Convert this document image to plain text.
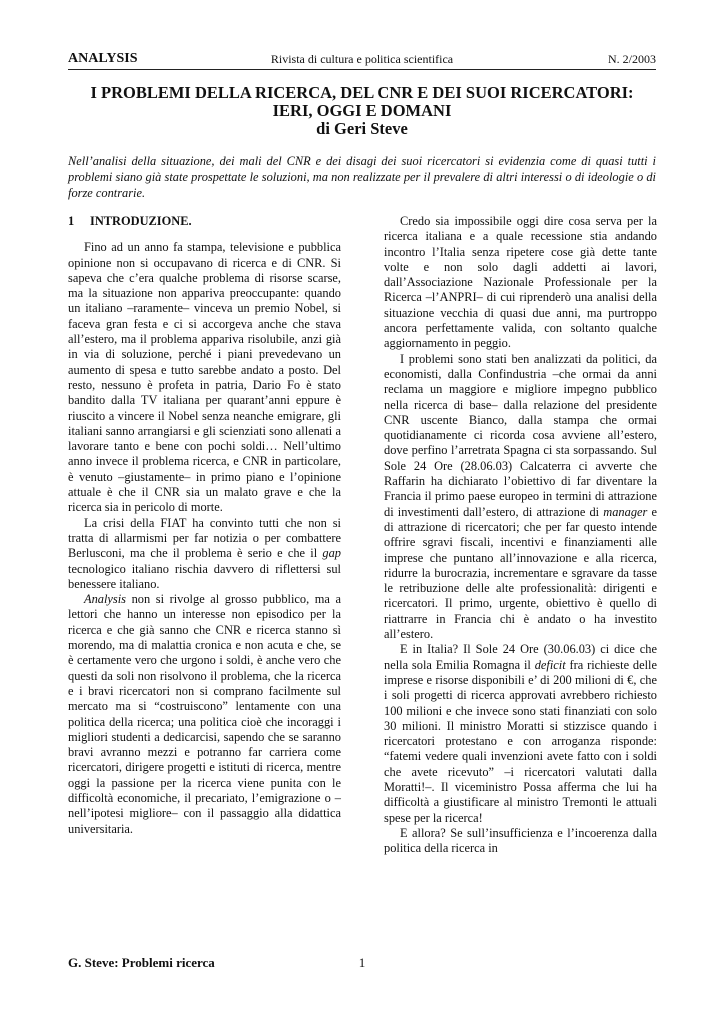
ANALYSIS	Rivista di cultura e politica scientifica	N. 2/2003
I PROBLEMI DELLA RICERCA, DEL CNR E DEI SUOI RICERCATORI:
IERI, OGGI E DOMANI
di Geri Steve
Nell’analisi della situazione, dei mali del CNR e dei disagi dei suoi ricercatori si evidenzia come di quasi tutti i problemi siano già state prospettate le soluzioni, ma non realizzate per il prevalere di altri interessi o di ideologie o di forze contrarie.
1 INTRODUZIONE.

Fino ad un anno fa stampa, televisione e pubblica opinione non si occupavano di ricerca e di CNR. Si sapeva che c’era qualche problema di risorse scarse, ma la situazione non appariva preoccupante: quando un italiano –raramente– vinceva un premio Nobel, si faceva gran festa e ci si accorgeva anche che stava all’estero, ma il problema appariva risolubile, anzi già in via di soluzione, perché i piani prevedevano un aumento di spesa e tutto sarebbe andato a posto. Del resto, nessuno è profeta in patria, Dario Fo è stato bandito dalla TV italiana per quarant’anni eppure è riuscito a vincere il Nobel senza neanche emigrare, gli italiani sanno arrangiarsi e gli scienziati sono allenati a lavorare tanto e bene con pochi soldi… Nell’ultimo anno invece il problema ricerca, e CNR in particolare, è venuto –giustamente– in primo piano e l’opinione attuale è che il CNR sia un malato grave e che la ricerca sia in pericolo di morte.

La crisi della FIAT ha convinto tutti che non si tratta di allarmismi per far notizia o per combattere Berlusconi, ma che il problema è serio e che il gap tecnologico italiano rischia davvero di riflettersi sul benessere italiano.

Analysis non si rivolge al grosso pubblico, ma a lettori che hanno un interesse non episodico per la ricerca e che già sanno che CNR e ricerca stanno sì morendo, ma di malattia cronica e non acuta e che, se è certamente vero che urgono i soldi, è anche vero che questi da soli non risolvono il problema, che la ricerca e i bravi ricercatori non si comprano facilmente sul mercato ma si “costruiscono” lentamente con una politica della ricerca; una politica cioè che incoraggi i migliori studenti a dedicarcisi, sapendo che se saranno bravi avranno mezzi e potranno far carriera come ricercatori, dirigere progetti e istituti di ricerca, mentre oggi la passione per la ricerca viene punita con le difficoltà economiche, il precariato, l’emigrazione o –nell’ipotesi migliore– con il passaggio alla didattica universitaria.

Credo sia impossibile oggi dire cosa serva per la ricerca italiana e a quale recessione stia andando incontro l’Italia senza ripetere cose già dette tante volte e non solo dagli addetti ai lavori, dall’Associazione Nazionale Professionale per la Ricerca –l’ANPRI– di cui riprenderò una analisi della situazione vecchia di quasi due anni, ma purtroppo ancora perfettamente valida, con soltanto qualche aggiornamento in peggio.

I problemi sono stati ben analizzati da politici, da economisti, dalla Confindustria –che ormai da anni reclama un maggiore e migliore impegno pubblico nella ricerca di base– dalla relazione del presidente CNR uscente Bianco, dalla stampa che ormai quotidianamente ci ricorda cosa avviene all’estero, dove perfino l’arretrata Spagna ci sta sorpassando. Sul Sole 24 Ore (28.06.03) Calcaterra ci avverte che Raffarin ha dichiarato l’obiettivo di far diventare la Francia il primo paese europeo in termini di attrazione di investimenti dall’estero, di attrazione di manager e di attrazione di ricercatori; che per far questo intende offrire sgravi fiscali, incentivi e finanziamenti alle imprese che puntano all’innovazione e alla ricerca, ridurre la burocrazia, incrementare e sgravare da tasse le retribuzione delle alte professionalità: dirigenti e ricercatori. Il primo, urgente, obiettivo è quello di riattrarre in Francia chi è andato o ha investito all’estero.

E in Italia? Il Sole 24 Ore (30.06.03) ci dice che nella sola Emilia Romagna il deficit fra richieste delle imprese e risorse disponibili e’ di 200 milioni di €, che i soli progetti di ricerca approvati avrebbero richiesto 100 milioni e che invece sono stati finanziati con solo 30 milioni. Il ministro Moratti si stizzisce quando i ricercatori protestano e con arroganza risponde: “fatemi vedere quali invenzioni avete fatto con i soldi che avete ricevuto” –i ricercatori valutati dalla Moratti!–. Il viceministro Possa afferma che lui ha difficoltà a giustificare al ministro Tremonti le attuali spese per la ricerca!

E allora? Se sull’insufficienza e l’incoerenza dalla politica della ricerca in

G. Steve: Problemi ricerca	1
